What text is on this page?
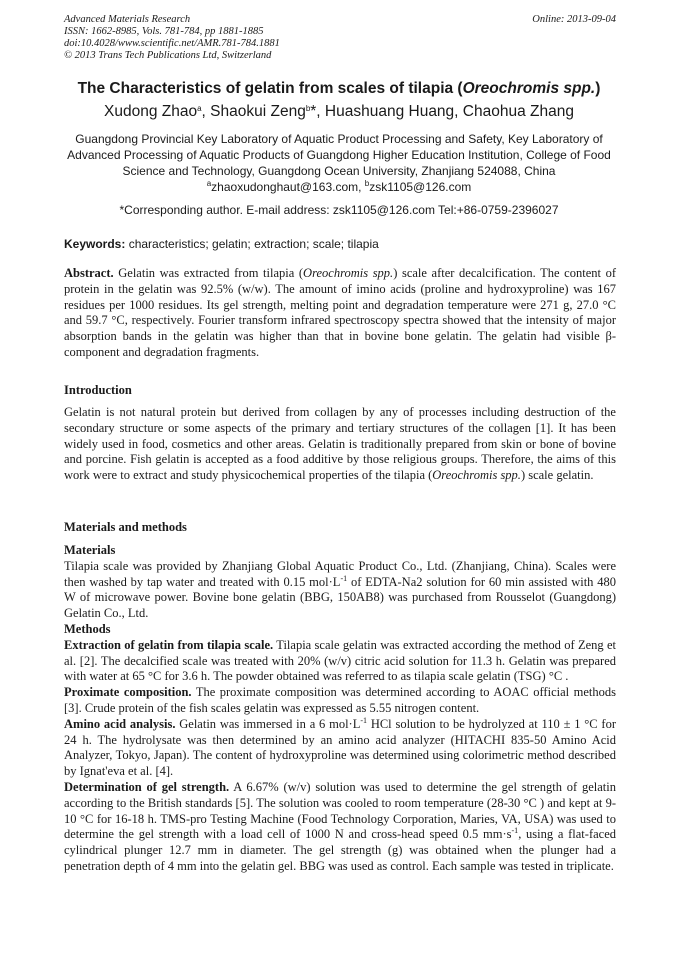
Advanced Materials Research
ISSN: 1662-8985, Vols. 781-784, pp 1881-1885
doi:10.4028/www.scientific.net/AMR.781-784.1881
© 2013 Trans Tech Publications Ltd, Switzerland
Online: 2013-09-04
The Characteristics of gelatin from scales of tilapia (Oreochromis spp.)
Xudong Zhao$^a$, Shaokui Zeng$^b$*, Huashuang Huang, Chaohua Zhang
Guangdong Provincial Key Laboratory of Aquatic Product Processing and Safety, Key Laboratory of Advanced Processing of Aquatic Products of Guangdong Higher Education Institution, College of Food Science and Technology, Guangdong Ocean University, Zhanjiang 524088, China
$^a$zhaoxudonghaut@163.com, $^b$zsk1105@126.com
*Corresponding author. E-mail address: zsk1105@126.com Tel:+86-0759-2396027
Keywords: characteristics; gelatin; extraction; scale; tilapia
Abstract. Gelatin was extracted from tilapia (Oreochromis spp.) scale after decalcification. The content of protein in the gelatin was 92.5% (w/w). The amount of imino acids (proline and hydroxyproline) was 167 residues per 1000 residues. Its gel strength, melting point and degradation temperature were 271 g, 27.0 °C and 59.7 °C, respectively. Fourier transform infrared spectroscopy spectra showed that the intensity of major absorption bands in the gelatin was higher than that in bovine bone gelatin. The gelatin had visible β-component and degradation fragments.
Introduction
Gelatin is not natural protein but derived from collagen by any of processes including destruction of the secondary structure or some aspects of the primary and tertiary structures of the collagen [1]. It has been widely used in food, cosmetics and other areas. Gelatin is traditionally prepared from skin or bone of bovine and porcine. Fish gelatin is accepted as a food additive by those religious groups. Therefore, the aims of this work were to extract and study physicochemical properties of the tilapia (Oreochromis spp.) scale gelatin.
Materials and methods

Materials

Tilapia scale was provided by Zhanjiang Global Aquatic Product Co., Ltd. (Zhanjiang, China). Scales were then washed by tap water and treated with 0.15 $mol\cdot L^{-1}$ of EDTA-Na2 solution for 60 min assisted with 480 W of microwave power. Bovine bone gelatin (BBG, 150AB8) was purchased from Rousselot (Guangdong) Gelatin Co., Ltd.

Methods

Extraction of gelatin from tilapia scale. Tilapia scale gelatin was extracted according the method of Zeng et al. [2]. The decalcified scale was treated with 20% (w/v) citric acid solution for 11.3 h. Gelatin was prepared with water at 65 °C for 3.6 h. The powder obtained was referred to as tilapia scale gelatin (TSG) °C .

Proximate composition. The proximate composition was determined according to AOAC official methods [3]. Crude protein of the fish scales gelatin was expressed as 5.55 nitrogen content.

Amino acid analysis. Gelatin was immersed in a 6 $mol\cdot L^{-1}$ HCl solution to be hydrolyzed at 110 ± 1 °C for 24 h. The hydrolysate was then determined by an amino acid analyzer (HITACHI 835-50 Amino Acid Analyzer, Tokyo, Japan). The content of hydroxyproline was determined using colorimetric method described by Ignat'eva et al. [4].

Determination of gel strength. A 6.67% (w/v) solution was used to determine the gel strength of gelatin according to the British standards [5]. The solution was cooled to room temperature (28-30 °C ) and kept at 9-10 °C for 16-18 h. TMS-pro Testing Machine (Food Technology Corporation, Maries, VA, USA) was used to determine the gel strength with a load cell of 1000 N and cross-head speed 0.5 $mm\cdot s^{-1}$, using a flat-faced cylindrical plunger 12.7 mm in diameter. The gel strength (g) was obtained when the plunger had a penetration depth of 4 mm into the gelatin gel. BBG was used as control. Each sample was tested in triplicate.
